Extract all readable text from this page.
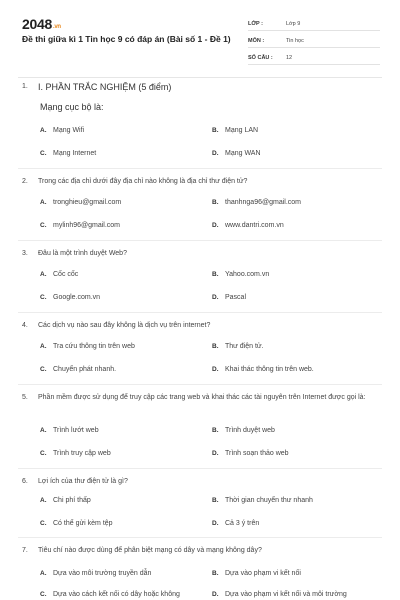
2048.vn
Đề thi giữa kì 1 Tin học 9 có đáp án (Bài số 1 - Đề 1)
LỚP :	Lớp 9
MÔN :	Tin học
SỐ CÂU :	12
1. I. PHẦN TRẮC NGHIỆM (5 điểm)
Mạng cục bộ là:
A. Mạng Wifi	B. Mạng LAN
C. Mạng Internet	D. Mạng WAN
2. Trong các địa chỉ dưới đây địa chỉ nào không là địa chỉ thư điện tử?
A. tronghieu@gmail.com	B. thanhnga96@gmail.com
C. mylinh96@gmail.com	D. www.dantri.com.vn
3. Đâu là một trình duyệt Web?
A. Cốc cốc	B. Yahoo.com.vn
C. Google.com.vn	D. Pascal
4. Các dịch vụ nào sau đây không là dịch vụ trên internet?
A. Tra cứu thông tin trên web	B. Thư điện tử.
C. Chuyển phát nhanh.	D. Khai thác thông tin trên web.
5. Phần mềm được sử dụng để truy cập các trang web và khai thác các tài nguyên trên Internet được gọi là:
A. Trình lướt web	B. Trình duyệt web
C. Trình truy cập web	D. Trình soạn thảo web
6. Lợi ích của thư điện tử là gì?
A. Chi phí thấp	B. Thời gian chuyển thư nhanh
C. Có thể gửi kèm tệp	D. Cả 3 ý trên
7. Tiêu chí nào được dùng để phân biệt mạng có dây và mạng không dây?
A. Dựa vào môi trường truyền dẫn	B. Dựa vào phạm vi kết nối
C. Dựa vào cách kết nối có dây hoặc không	D. Dựa vào phạm vi kết nối và môi trường
